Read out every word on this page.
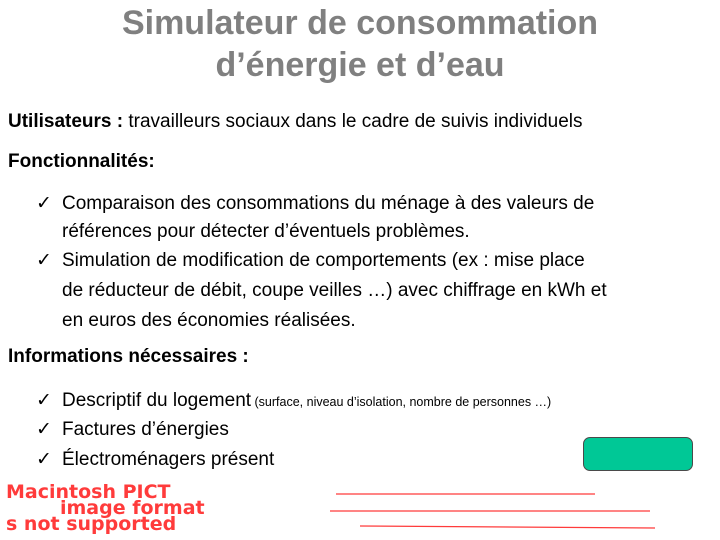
Simulateur de consommation
d’énergie et d’eau
Utilisateurs : travailleurs sociaux dans le cadre de suivis individuels
Fonctionnalités:
✓ Comparaison des consommations du ménage à des valeurs de
références pour détecter d’éventuels problèmes.
✓ Simulation de modification de comportements (ex : mise place
de réducteur de débit, coupe veilles …) avec chiffrage en kWh et
en euros des économies réalisées.
Informations nécessaires :
✓ Descriptif du logement (surface, niveau d’isolation, nombre de personnes …)
✓ Factures d’énergies
✓ Électroménagers présent
Macintosh PICT
image format
s not supported
